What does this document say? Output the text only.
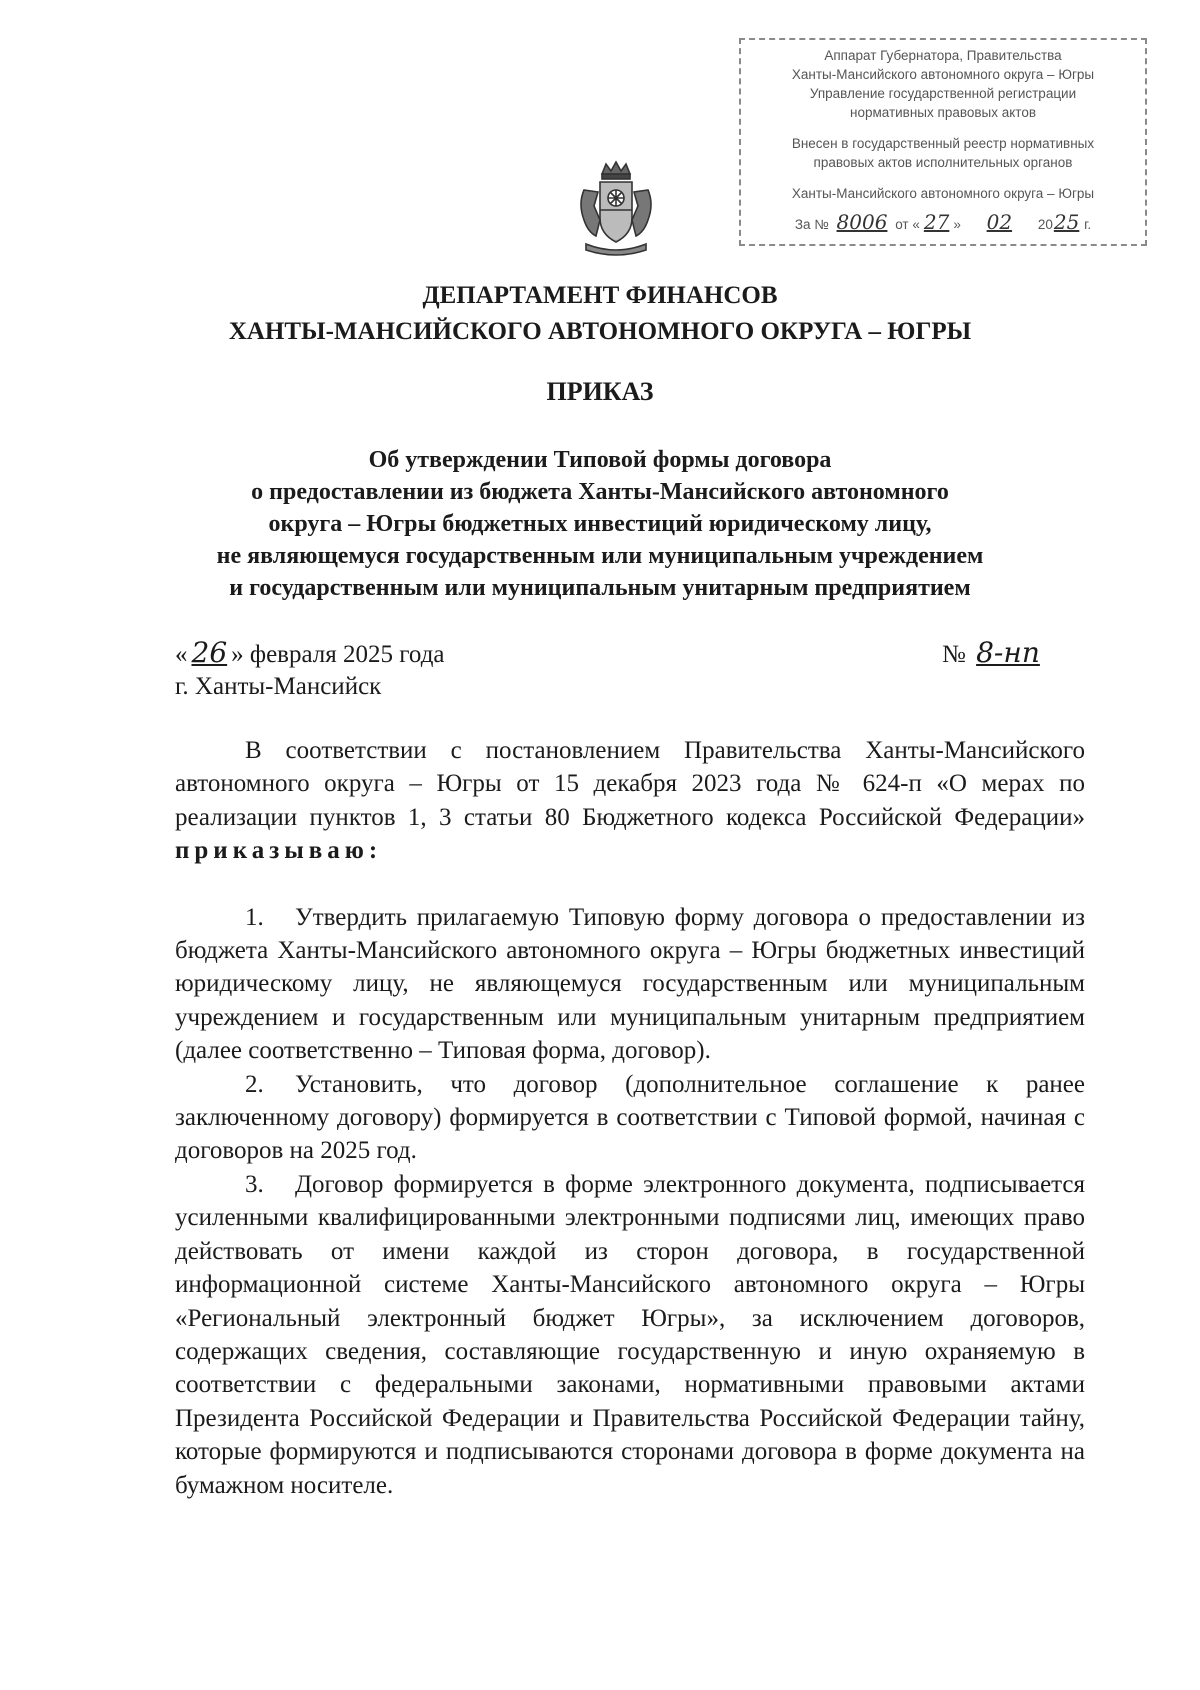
Аппарат Губернатора, Правительства
Ханты-Мансийского автономного округа – Югры
Управление государственной регистрации
нормативных правовых актов
Внесен в государственный реестр нормативных
правовых актов исполнительных органов
Ханты-Мансийского автономного округа – Югры
За № 8006 от « 27 » 02 2025 г.
ДЕПАРТАМЕНТ ФИНАНСОВ
ХАНТЫ-МАНСИЙСКОГО АВТОНОМНОГО ОКРУГА – ЮГРЫ
ПРИКАЗ
Об утверждении Типовой формы договора
о предоставлении из бюджета Ханты-Мансийского автономного
округа – Югры бюджетных инвестиций юридическому лицу,
не являющемуся государственным или муниципальным учреждением
и государственным или муниципальным унитарным предприятием
« 26 » февраля 2025 года	№ 8-нп
г. Ханты-Мансийск

В соответствии с постановлением Правительства Ханты-Мансийского автономного округа – Югры от 15 декабря 2023 года № 624-п «О мерах по реализации пунктов 1, 3 статьи 80 Бюджетного кодекса Российской Федерации» приказываю:

1. Утвердить прилагаемую Типовую форму договора о предоставлении из бюджета Ханты-Мансийского автономного округа – Югры бюджетных инвестиций юридическому лицу, не являющемуся государственным или муниципальным учреждением и государственным или муниципальным унитарным предприятием (далее соответственно – Типовая форма, договор).

2. Установить, что договор (дополнительное соглашение к ранее заключенному договору) формируется в соответствии с Типовой формой, начиная с договоров на 2025 год.

3. Договор формируется в форме электронного документа, подписывается усиленными квалифицированными электронными подписями лиц, имеющих право действовать от имени каждой из сторон договора, в государственной информационной системе Ханты-Мансийского автономного округа – Югры «Региональный электронный бюджет Югры», за исключением договоров, содержащих сведения, составляющие государственную и иную охраняемую в соответствии с федеральными законами, нормативными правовыми актами Президента Российской Федерации и Правительства Российской Федерации тайну, которые формируются и подписываются сторонами договора в форме документа на бумажном носителе.
